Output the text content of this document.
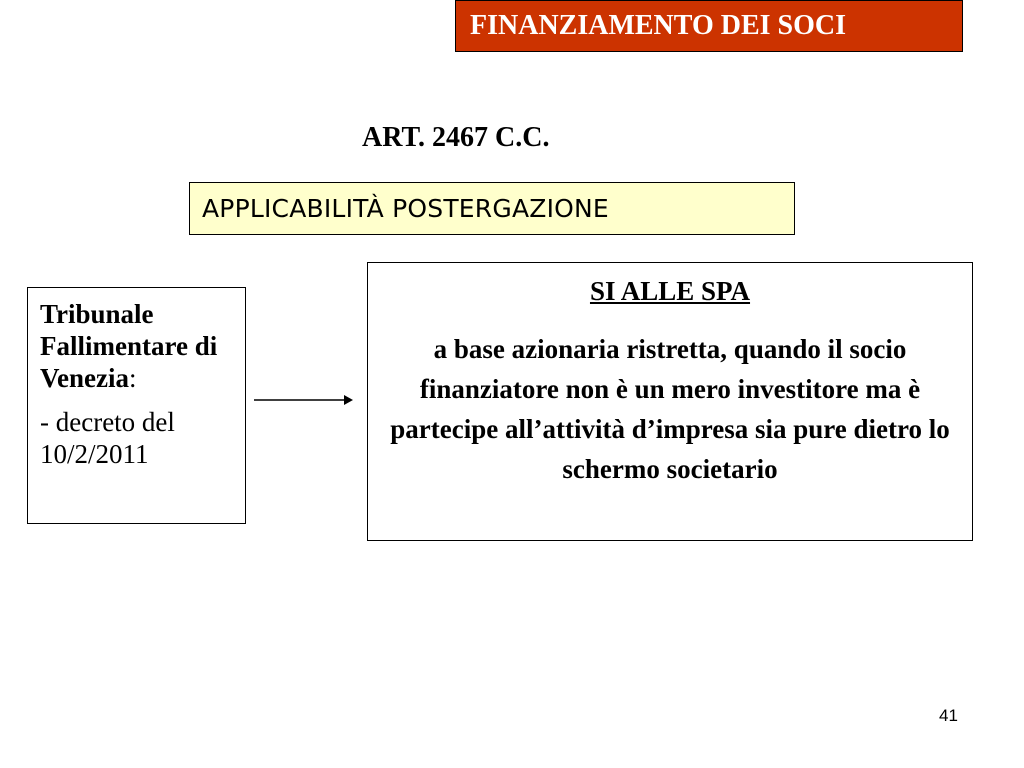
FINANZIAMENTO DEI SOCI
ART. 2467 C.C.
APPLICABILITÀ POSTERGAZIONE

Tribunale Fallimentare di Venezia:

- decreto del 10/2/2011

SI ALLE SPA

a base azionaria ristretta, quando il socio finanziatore non è un mero investitore ma è partecipe all’attività d’impresa sia pure dietro lo schermo societario

41
